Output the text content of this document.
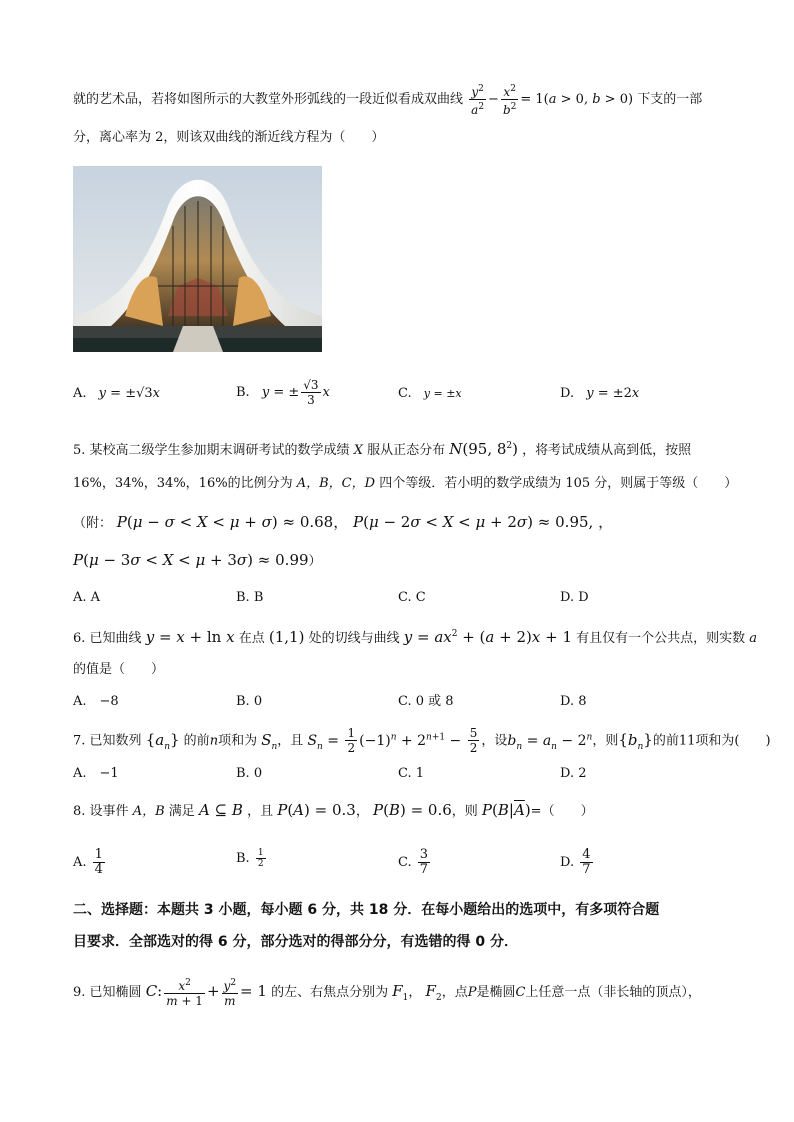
就的艺术品，若将如图所示的大教堂外形弧线的一段近似看成双曲线 $\frac{y^2}{a^2} - \frac{x^2}{b^2} = 1(a > 0$, b > 0) 下支的一部
分，离心率为 2，则该双曲线的渐近线方程为（　　）
A. y = ±√3x	B. y = ± $\frac{√3}{3}$ x	C. y = ±x	D. y = ±2x
5. 某校高二级学生参加期末调研考试的数学成绩 X 服从正态分布 N(95, $8^2$) ，将考试成绩从高到低，按照
16%，34%，34%，16%的比例分为 A，B，C，D 四个等级．若小明的数学成绩为 105 分，则属于等级（　　）
（附： P(μ − σ < X < μ + σ) ≈ 0.68， P(μ − 2σ < X < μ + 2σ) ≈ 0.95, ，
P(μ − 3σ < X < μ + 3σ) ≈ 0.99）
A. A	B. B	C. C	D. D
6. 已知曲线 y = x + ln x 在点 (1,1) 处的切线与曲线 $y = ax^2 + (a + 2)x + 1$ 有且仅有一个公共点，则实数 a
的值是（　　）
A.　−8	B. 0	C. 0 或 8	D. 8
7. 已知数列 $\{a_n\}$ 的前n项和为 $S_n$，且 $S_n = \frac{1}{2} (-1)^n + 2^{n+1} - \frac{5}{2}$ ，设$b_n = a_n - 2^n$，则$\{b_n\}$的前11项和为(　　)
A.　−1	B. 0	C. 1	D. 2
8. 设事件 A，B 满足 A ⊆ B ，且 P(A) = 0.3， P(B) = 0.6，则 $P(B|\overline{A})=$（　　）
A. $\frac{1}{4}$	B. $\frac{1}{2}$	C. $\frac{3}{7}$	D. $\frac{4}{7}$
二、选择题：本题共 3 小题，每小题 6 分，共 18 分．在每小题给出的选项中，有多项符合题
目要求．全部选对的得 6 分，部分选对的得部分分，有选错的得 0 分．
9. 已知椭圆 C: $\frac{x^2}{m + 1} + \frac{y^2}{m} = 1$ 的左、右焦点分别为 $F_1$， $F_2$，点P是椭圆C上任意一点（非长轴的顶点），
